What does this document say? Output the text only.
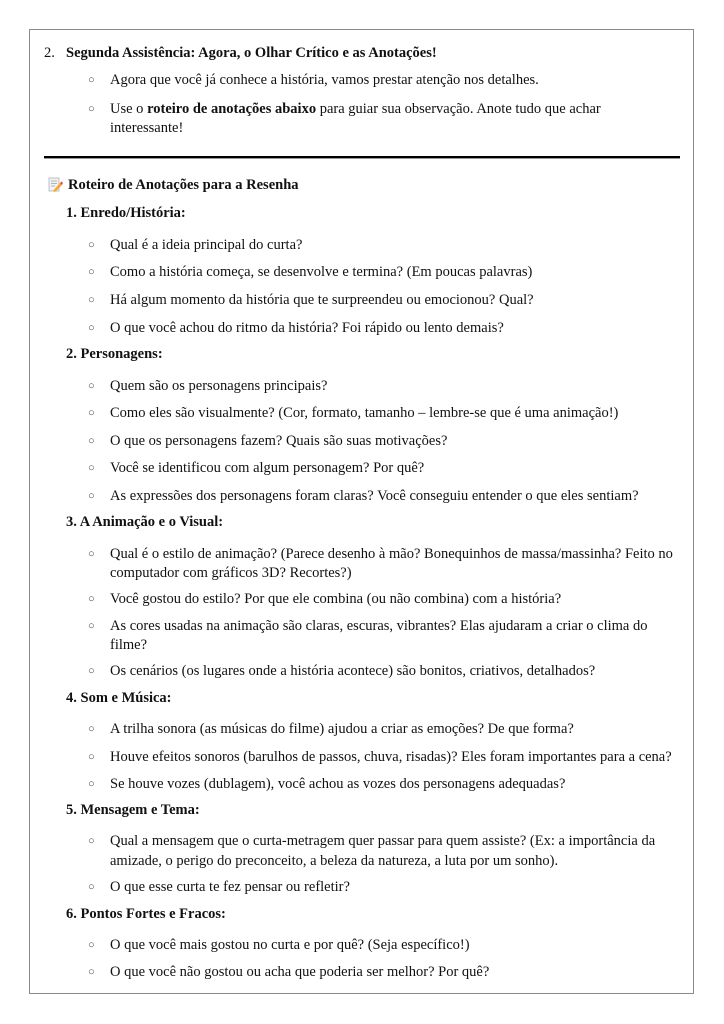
2. Segunda Assistência: Agora, o Olhar Crítico e as Anotações!
○ Agora que você já conhece a história, vamos prestar atenção nos detalhes.
○ Use o roteiro de anotações abaixo para guiar sua observação. Anote tudo que achar
interessante!
Roteiro de Anotações para a Resenha
1. Enredo/História:
○ Qual é a ideia principal do curta?
○ Como a história começa, se desenvolve e termina? (Em poucas palavras)
○ Há algum momento da história que te surpreendeu ou emocionou? Qual?
○ O que você achou do ritmo da história? Foi rápido ou lento demais?
2. Personagens:
○ Quem são os personagens principais?
○ Como eles são visualmente? (Cor, formato, tamanho – lembre-se que é uma animação!)
○ O que os personagens fazem? Quais são suas motivações?
○ Você se identificou com algum personagem? Por quê?
○ As expressões dos personagens foram claras? Você conseguiu entender o que eles sentiam?
3. A Animação e o Visual:
○ Qual é o estilo de animação? (Parece desenho à mão? Bonequinhos de massa/massinha? Feito no
computador com gráficos 3D? Recortes?)
○ Você gostou do estilo? Por que ele combina (ou não combina) com a história?
○ As cores usadas na animação são claras, escuras, vibrantes? Elas ajudaram a criar o clima do
filme?
○ Os cenários (os lugares onde a história acontece) são bonitos, criativos, detalhados?
4. Som e Música:
○ A trilha sonora (as músicas do filme) ajudou a criar as emoções? De que forma?
○ Houve efeitos sonoros (barulhos de passos, chuva, risadas)? Eles foram importantes para a cena?
○ Se houve vozes (dublagem), você achou as vozes dos personagens adequadas?
5. Mensagem e Tema:
○ Qual a mensagem que o curta-metragem quer passar para quem assiste? (Ex: a importância da
amizade, o perigo do preconceito, a beleza da natureza, a luta por um sonho).
○ O que esse curta te fez pensar ou refletir?
6. Pontos Fortes e Fracos:
○ O que você mais gostou no curta e por quê? (Seja específico!)
○ O que você não gostou ou acha que poderia ser melhor? Por quê?
